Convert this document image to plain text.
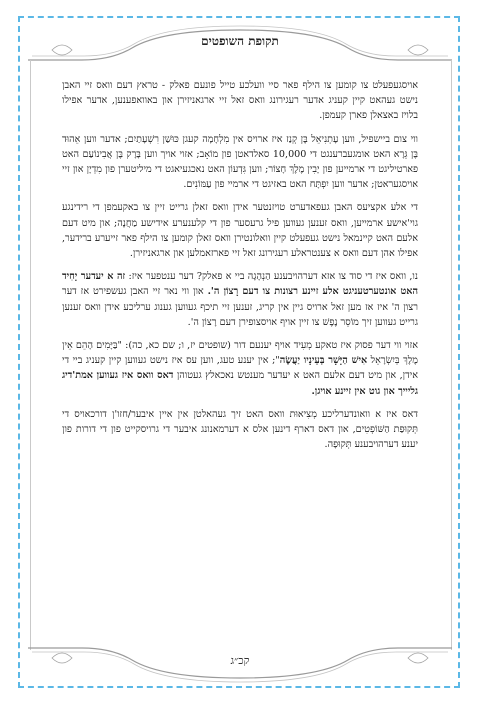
תקופת השופטים

אויסגעפעלט צו קומען צו הילף פאר סיי וועלכע טייל פונעם פאלק - טראץ דעם וואס זיי האבן נישט געהאט קיין קעניג אדער רעגירונג וואס זאל זיי ארגאניזירן און באוואפענען, אדער אפילו בלויז באצאלן פארן קעמפן.

ווי צום ביישפיל, ווען עָתְנִיאֵל בֶּן קְנַז איז ארויס אין מִלְחָמָה קעגן כּוּשַׁן רִשְׁעָתַיִם; אדער ווען אֵהוּד בֶּן גֵּרָא האט אומגעברענגט די 10,000 סאלדאטן פון מוֹאָב; אזוי אויך ווען בָּרָק בֶּן אֲבִינוֹעַם האט פארטיליגט די ארמייען פון יָבִין מֶלֶךְ חָצוֹר; ווען גִּדְעוֹן האט נאכגעיאגט די מיליטערן פון מִדְיָן און זיי אויסגעראטן; אדער ווען יִפְתָּח האט באזיגט די ארמיי פון עַמּוֹנִים.

די אלע אקציעס האבן געפאדערט טויזנטער אידן וואס זאלן גרייט זיין צו באקעמפן די רידינגע גוי'אישע ארמייען, וואס זענען געווען פיל גרעסער פון די קלענערע אידישע מַחֲנֶה; און מיט דעם אלעם האט קיינמאל נישט געפעלט קיין וואלונטירן וואס זאלן קומען צו הילף פאר זייערע ברידער, אפילו אהן דעם וואס א צענטראלע רעגירונג זאל זיי פארזאמלען און ארגאניזירן.

נו, וואס איז די סוד צו אזא דערהויבענע הַנְהָגָה ביי א פאלק? דער ענטפער איז: זה א יעדער יָחִיד האט אונטערטעניגט אלע זיינע רצונות צו דעם רָצוֹן ה'. און ווי נאר זיי האבן געשפירט אז דער רצון ה' איז אז מען זאל ארויס גיין אין קריג, זענען זיי תיכף געווען גענוג ערליכע אידן וואס זענען גרייט געווען זיך מוֹסֵר נֶפֶשׁ צו זיין אויף אויסצופירן דעם רָצוֹן ה'.

אזוי ווי דער פסוק איז טאקע מְעִיד אויף יענעם דור (שופטים יז, ו; שם כא, כה): "בַּיָּמִים הָהֵם אֵין מֶלֶךְ בְּיִשְׂרָאֵל אִישׁ הַיָּשָׁר בְּעֵינָיו יַעֲשֶׂה"; אין יענע טעג, ווען עס איז נישט געווען קיין קעניג ביי די אידן, און מיט דעם אלעם האט א יעדער מענטש נאכאלץ געטוהן דאס וואס איז געווען אמת'דיג גליייך און גוט אין זיינע אויגן.

דאס איז א וואונדערליכע מְצִיאוּת וואס האט זיך געהאלטן אין איין איבער/חזו'ן דורכאויס די תְּקוּפַת הַשּׁוֹפְטִים, און דאס דארף דינען אלס א דערמאנונג איבער די גרויסקייט פון די דורות פון יענע דערהויבענע תְּקוּפָה.

קכ״ג
